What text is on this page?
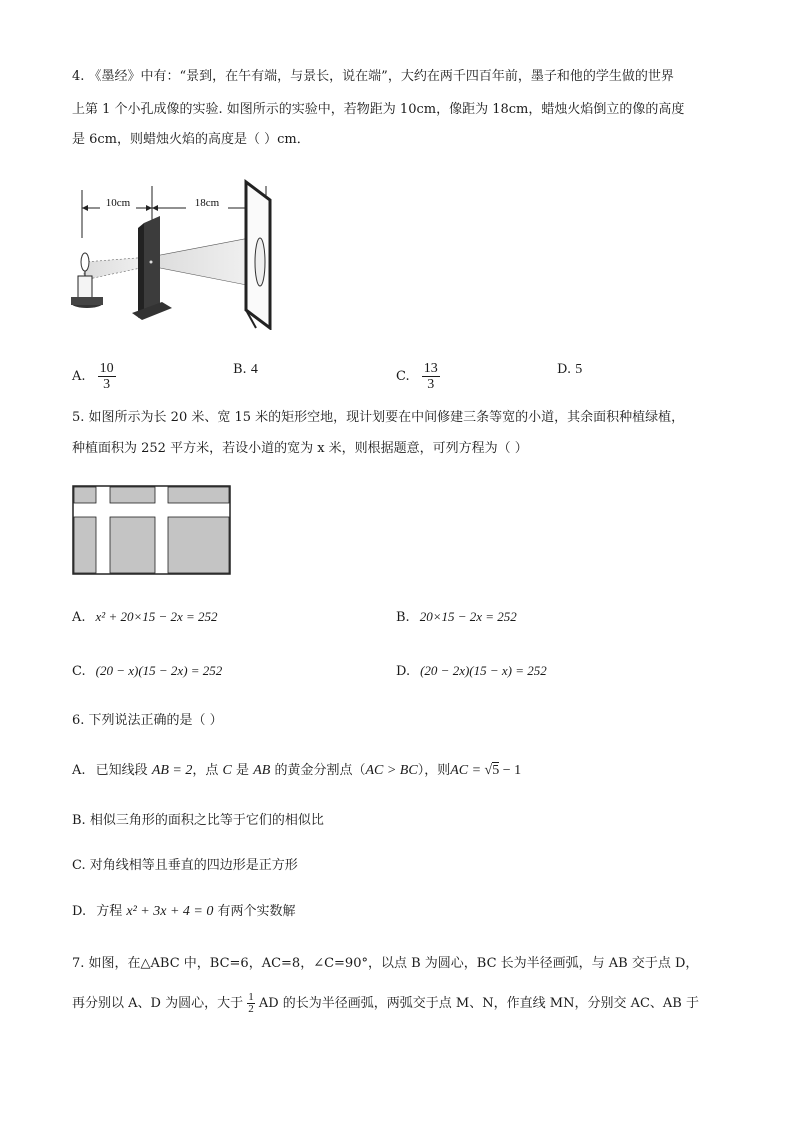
4. 《墨经》中有：“景到，在午有端，与景长，说在端”，大约在两千四百年前，墨子和他的学生做的世界
上第 1 个小孔成像的实验. 如图所示的实验中，若物距为 10cm，像距为 18cm，蜡烛火焰倒立的像的高度
是 6cm，则蜡烛火焰的高度是（ ）cm．
10cm	18cm
A. $\frac{10}{3}$	B. 4	C. $\frac{13}{3}$	D. 5
5. 如图所示为长 20 米、宽 15 米的矩形空地，现计划要在中间修建三条等宽的小道，其余面积种植绿植，
种植面积为 252 平方米，若设小道的宽为 x 米，则根据题意，可列方程为（ ）
A. x² + 20×15 − 2x = 252	B. 20×15 − 2x = 252
C. (20 − x)(15 − 2x) = 252	D. (20 − 2x)(15 − x) = 252
6. 下列说法正确的是（ ）
A. 已知线段 AB = 2，点 C 是 AB 的黄金分割点（AC > BC），则AC = √5 − 1
B. 相似三角形的面积之比等于它们的相似比
C. 对角线相等且垂直的四边形是正方形
D. 方程 x² + 3x + 4 = 0 有两个实数解
7. 如图，在△ABC 中，BC=6，AC=8，∠C=90°，以点 B 为圆心，BC 长为半径画弧，与 AB 交于点 D，
再分别以 A、D 为圆心，大于 $\frac{1}{2}$ AD 的长为半径画弧，两弧交于点 M、N，作直线 MN，分别交 AC、AB 于
